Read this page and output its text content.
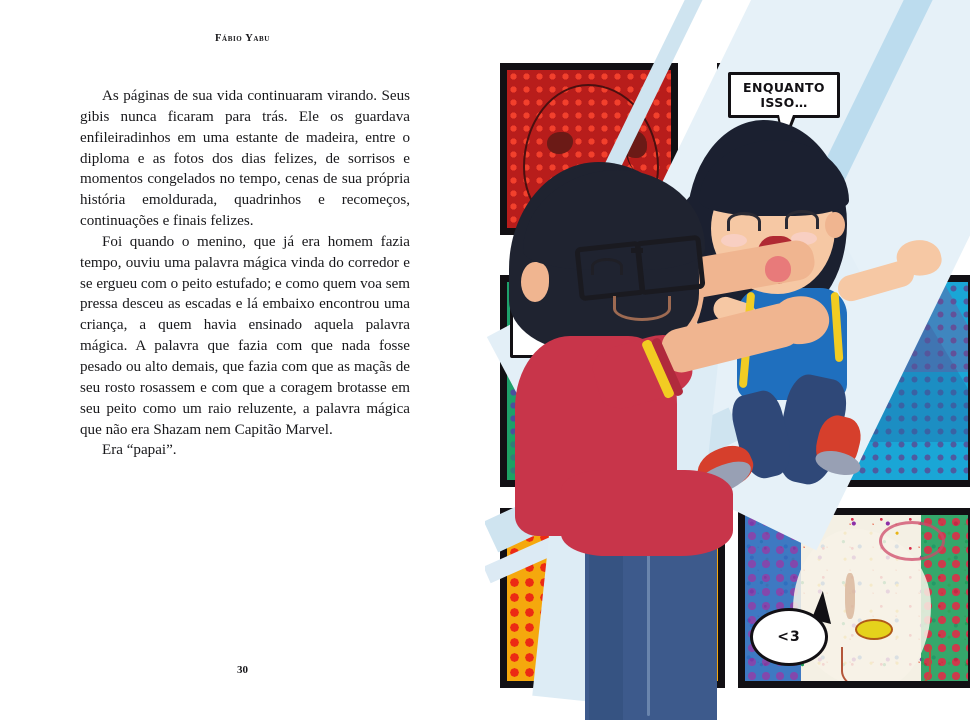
Fábio Yabu

As páginas de sua vida continuaram virando. Seus gibis nunca ficaram para trás. Ele os guardava enfileiradinhos em uma estante de madeira, entre o diploma e as fotos dos dias felizes, de sorrisos e momentos congelados no tempo, cenas de sua própria história emoldurada, quadrinhos e recomeços, continuações e finais felizes.

Foi quando o menino, que já era homem fazia tempo, ouviu uma palavra mágica vinda do corredor e se ergueu com o peito estufado; e como quem voa sem pressa desceu as escadas e lá embaixo encontrou uma criança, a quem havia ensinado aquela palavra mágica. A palavra que fazia com que nada fosse pesado ou alto demais, que fazia com que as maçãs de seu rosto rosassem e com que a coragem brotasse em seu peito como um raio reluzente, a palavra mágica que não era Shazam nem Capitão Marvel.

Era “papai”.

30
ENQUANTO ISSO…
<3
